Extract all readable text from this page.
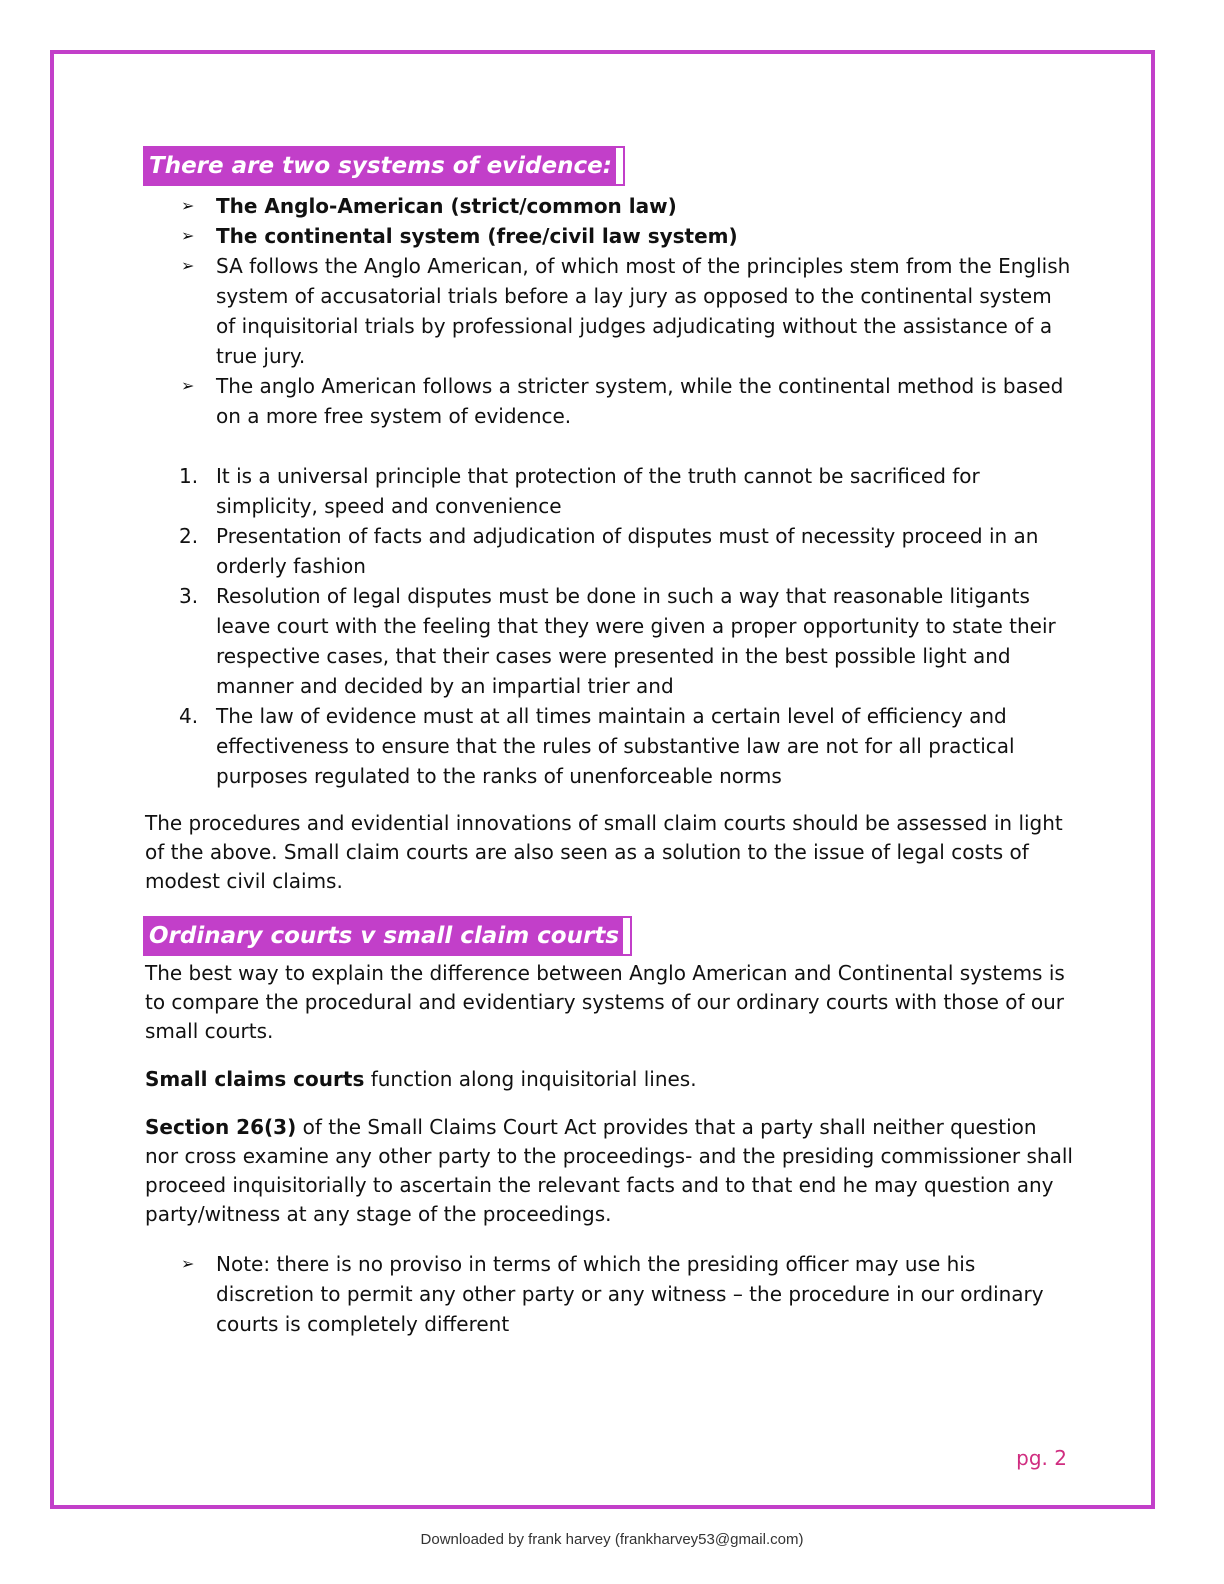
There are two systems of evidence:
➢ The Anglo-American (strict/common law)
➢ The continental system (free/civil law system)
➢ SA follows the Anglo American, of which most of the principles stem from the English system of accusatorial trials before a lay jury as opposed to the continental system of inquisitorial trials by professional judges adjudicating without the assistance of a true jury.
➢ The anglo American follows a stricter system, while the continental method is based on a more free system of evidence.
1. It is a universal principle that protection of the truth cannot be sacrificed for simplicity, speed and convenience
2. Presentation of facts and adjudication of disputes must of necessity proceed in an orderly fashion
3. Resolution of legal disputes must be done in such a way that reasonable litigants leave court with the feeling that they were given a proper opportunity to state their respective cases, that their cases were presented in the best possible light and manner and decided by an impartial trier and
4. The law of evidence must at all times maintain a certain level of efficiency and effectiveness to ensure that the rules of substantive law are not for all practical purposes regulated to the ranks of unenforceable norms

The procedures and evidential innovations of small claim courts should be assessed in light of the above. Small claim courts are also seen as a solution to the issue of legal costs of modest civil claims.

Ordinary courts v small claim courts

The best way to explain the difference between Anglo American and Continental systems is to compare the procedural and evidentiary systems of our ordinary courts with those of our small courts.

Small claims courts function along inquisitorial lines.

Section 26(3) of the Small Claims Court Act provides that a party shall neither question nor cross examine any other party to the proceedings- and the presiding commissioner shall proceed inquisitorially to ascertain the relevant facts and to that end he may question any party/witness at any stage of the proceedings.

➢ Note: there is no proviso in terms of which the presiding officer may use his discretion to permit any other party or any witness – the procedure in our ordinary courts is completely different
pg. 2
Downloaded by frank harvey (frankharvey53@gmail.com)
